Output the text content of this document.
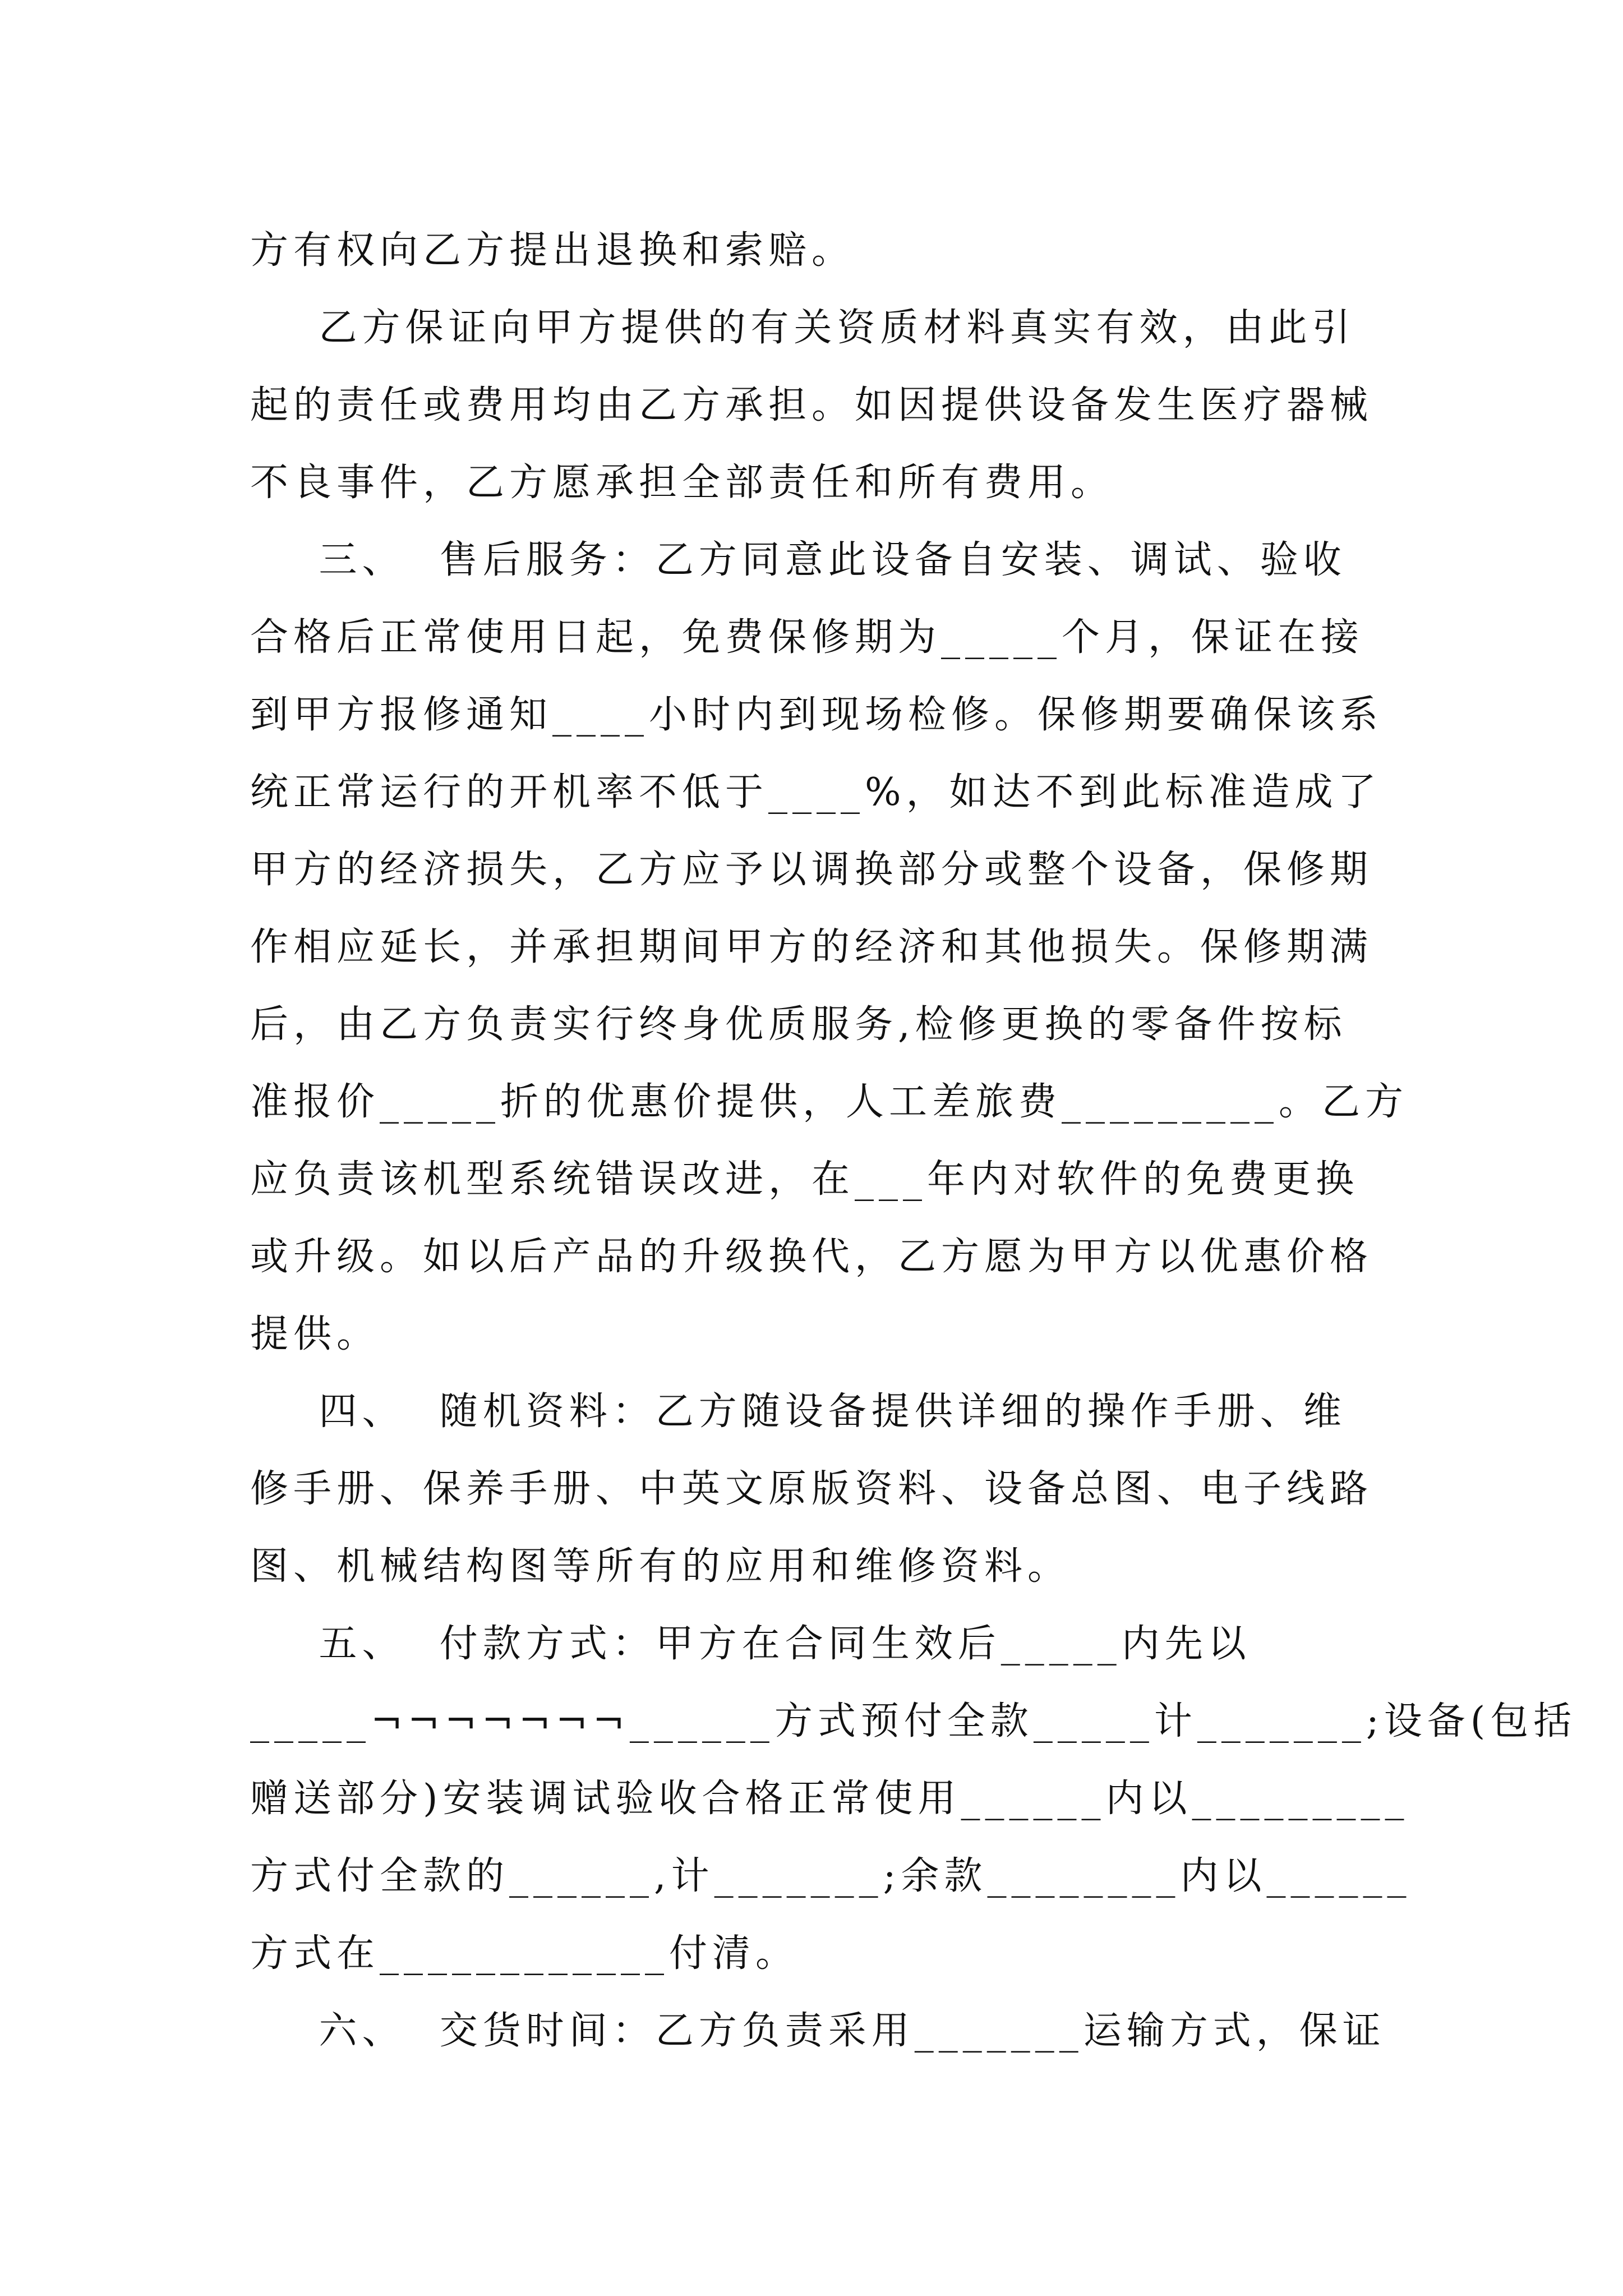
方有权向乙方提出退换和索赔。
乙方保证向甲方提供的有关资质材料真实有效，由此引
起的责任或费用均由乙方承担。如因提供设备发生医疗器械
不良事件，乙方愿承担全部责任和所有费用。
三、  售后服务：乙方同意此设备自安装、调试、验收
合格后正常使用日起，免费保修期为_____个月，保证在接
到甲方报修通知____小时内到现场检修。保修期要确保该系
统正常运行的开机率不低于____%，如达不到此标准造成了
甲方的经济损失，乙方应予以调换部分或整个设备，保修期
作相应延长，并承担期间甲方的经济和其他损失。保修期满
后，由乙方负责实行终身优质服务,检修更换的零备件按标
准报价_____折的优惠价提供，人工差旅费_________。乙方
应负责该机型系统错误改进，在___年内对软件的免费更换
或升级。如以后产品的升级换代，乙方愿为甲方以优惠价格
提供。
四、  随机资料：乙方随设备提供详细的操作手册、维
修手册、保养手册、中英文原版资料、设备总图、电子线路
图、机械结构图等所有的应用和维修资料。
五、  付款方式：甲方在合同生效后_____内先以
_____¬¬¬¬¬¬¬______方式预付全款_____计_______;设备(包括
赠送部分)安装调试验收合格正常使用______内以_________
方式付全款的______,计_______;余款________内以______
方式在____________付清。
六、  交货时间：乙方负责采用_______运输方式，保证
